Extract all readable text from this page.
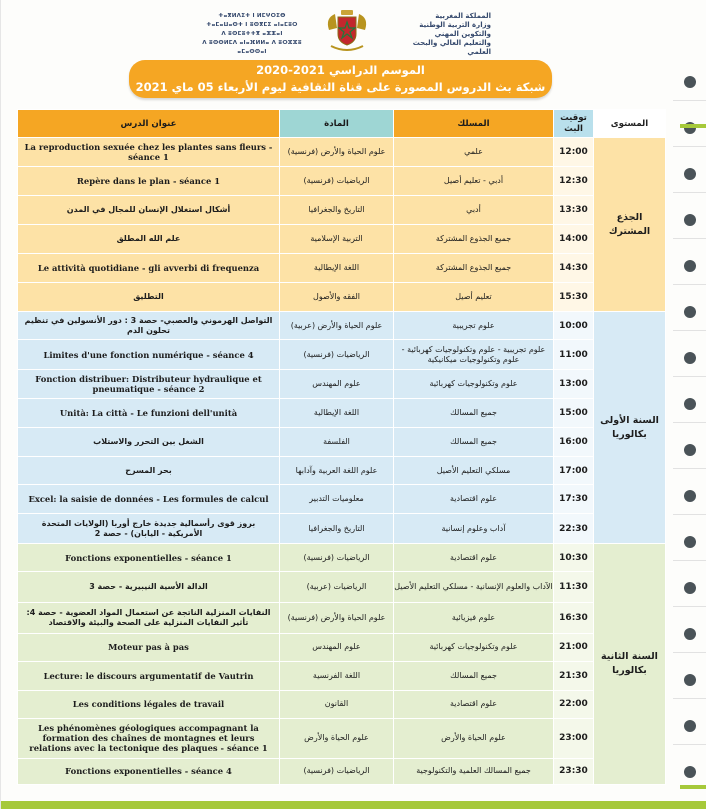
ⵜⴰⴳⵍⴷⵉⵜ ⵏ ⵍⵎⵖⵔⵉⴱ
ⵜⴰⵎⴰⵡⴰⵙⵜ ⵏ ⵓⵙⴳⵎⵉ ⴰⵏⴰⵎⵓⵔ
ⴷ ⵓⵙⵎⵓⵜⵜⴳ ⴰⵣⵣⴰⵏ
ⴷ ⵓⵙⵙⵍⵎⴷ ⴰⵏⴰⴼⵍⵍⴰ ⴷ ⵓⵔⵣⵣⵓ ⴰⵎⴰⵙⵙⴰⵏ
المملكة المغربية
وزارة التربية الوطنية
والتكوين المهني
والتعليم العالي والبحث العلمي
الموسم الدراسي 2021-2020
شبكة بث الدروس المصورة على قناة الثقافية ليوم الأربعاء 05 ماي 2021
عنوان الدرس	المادة	المسلك	توقيت البث	المستوى
La reproduction sexuée chez les plantes sans fleurs - séance 1	علوم الحياة والأرض (فرنسية)	علمي	12:00	الجذع المشترك
Repère dans le plan - séance 1	الرياضيات (فرنسية)	أدبي - تعليم أصيل	12:30	
أشكال استغلال الإنسان للمجال في المدن	التاريخ والجغرافيا	أدبي	13:30	
علم الله المطلق	التربية الإسلامية	جميع الجذوع المشتركة	14:00	
Le attività quotidiane - gli avverbi di frequenza	اللغة الإيطالية	جميع الجذوع المشتركة	14:30	
التطليق	الفقه والأصول	تعليم أصيل	15:30	
التواصل الهرموني والعصبي- حصة 3 : دور الأنسولين في تنظيم تحلون الدم	علوم الحياة والأرض (عربية)	علوم تجريبية	10:00	السنة الأولى بكالوريا
Limites d'une fonction numérique - séance 4	الرياضيات (فرنسية)	علوم تجريبية - علوم وتكنولوجيات كهربائية - علوم وتكنولوجيات ميكانيكية	11:00	
Fonction distribuer: Distributeur hydraulique et pneumatique - séance 2	علوم المهندس	علوم وتكنولوجيات كهربائية	13:00	
Unità: La città - Le funzioni dell'unità	اللغة الإيطالية	جميع المسالك	15:00	
الشغل بين التحرر والاستلاب	الفلسفة	جميع المسالك	16:00	
بحر المسرح	علوم اللغة العربية وآدابها	مسلكي التعليم الأصيل	17:00	
Excel: la saisie de données - Les formules de calcul	معلوميات التدبير	علوم اقتصادية	17:30	
بروز قوى رأسمالية جديدة خارج أوربا (الولايات المتحدة الأمريكية - اليابان) - حصة 2	التاريخ والجغرافيا	آداب وعلوم إنسانية	22:30	
Fonctions exponentielles - séance 1	الرياضيات (فرنسية)	علوم اقتصادية	10:30	السنة الثانية بكالوريا
الدالة الأسية النيبيرية - حصة 3	الرياضيات (عربية)	الآداب والعلوم الإنسانية - مسلكي التعليم الأصيل	11:30	
النفايات المنزلية الناتجة عن استعمال المواد العضوية - حصة 4: تأثير النفايات المنزلية على الصحة والبيئة والاقتصاد	علوم الحياة والأرض (فرنسية)	علوم فيزيائية	16:30	
Moteur pas à pas	علوم المهندس	علوم وتكنولوجيات كهربائية	21:00	
Lecture: le discours argumentatif de Vautrin	اللغة الفرنسية	جميع المسالك	21:30	
Les conditions légales de travail	القانون	علوم اقتصادية	22:00	
Les phénomènes géologiques accompagnant la formation des chaînes de montagnes et leurs relations avec la tectonique des plaques - séance 1	علوم الحياة والأرض	علوم الحياة والأرض	23:00	
Fonctions exponentielles - séance 4	الرياضيات (فرنسية)	جميع المسالك العلمية والتكنولوجية	23:30	
